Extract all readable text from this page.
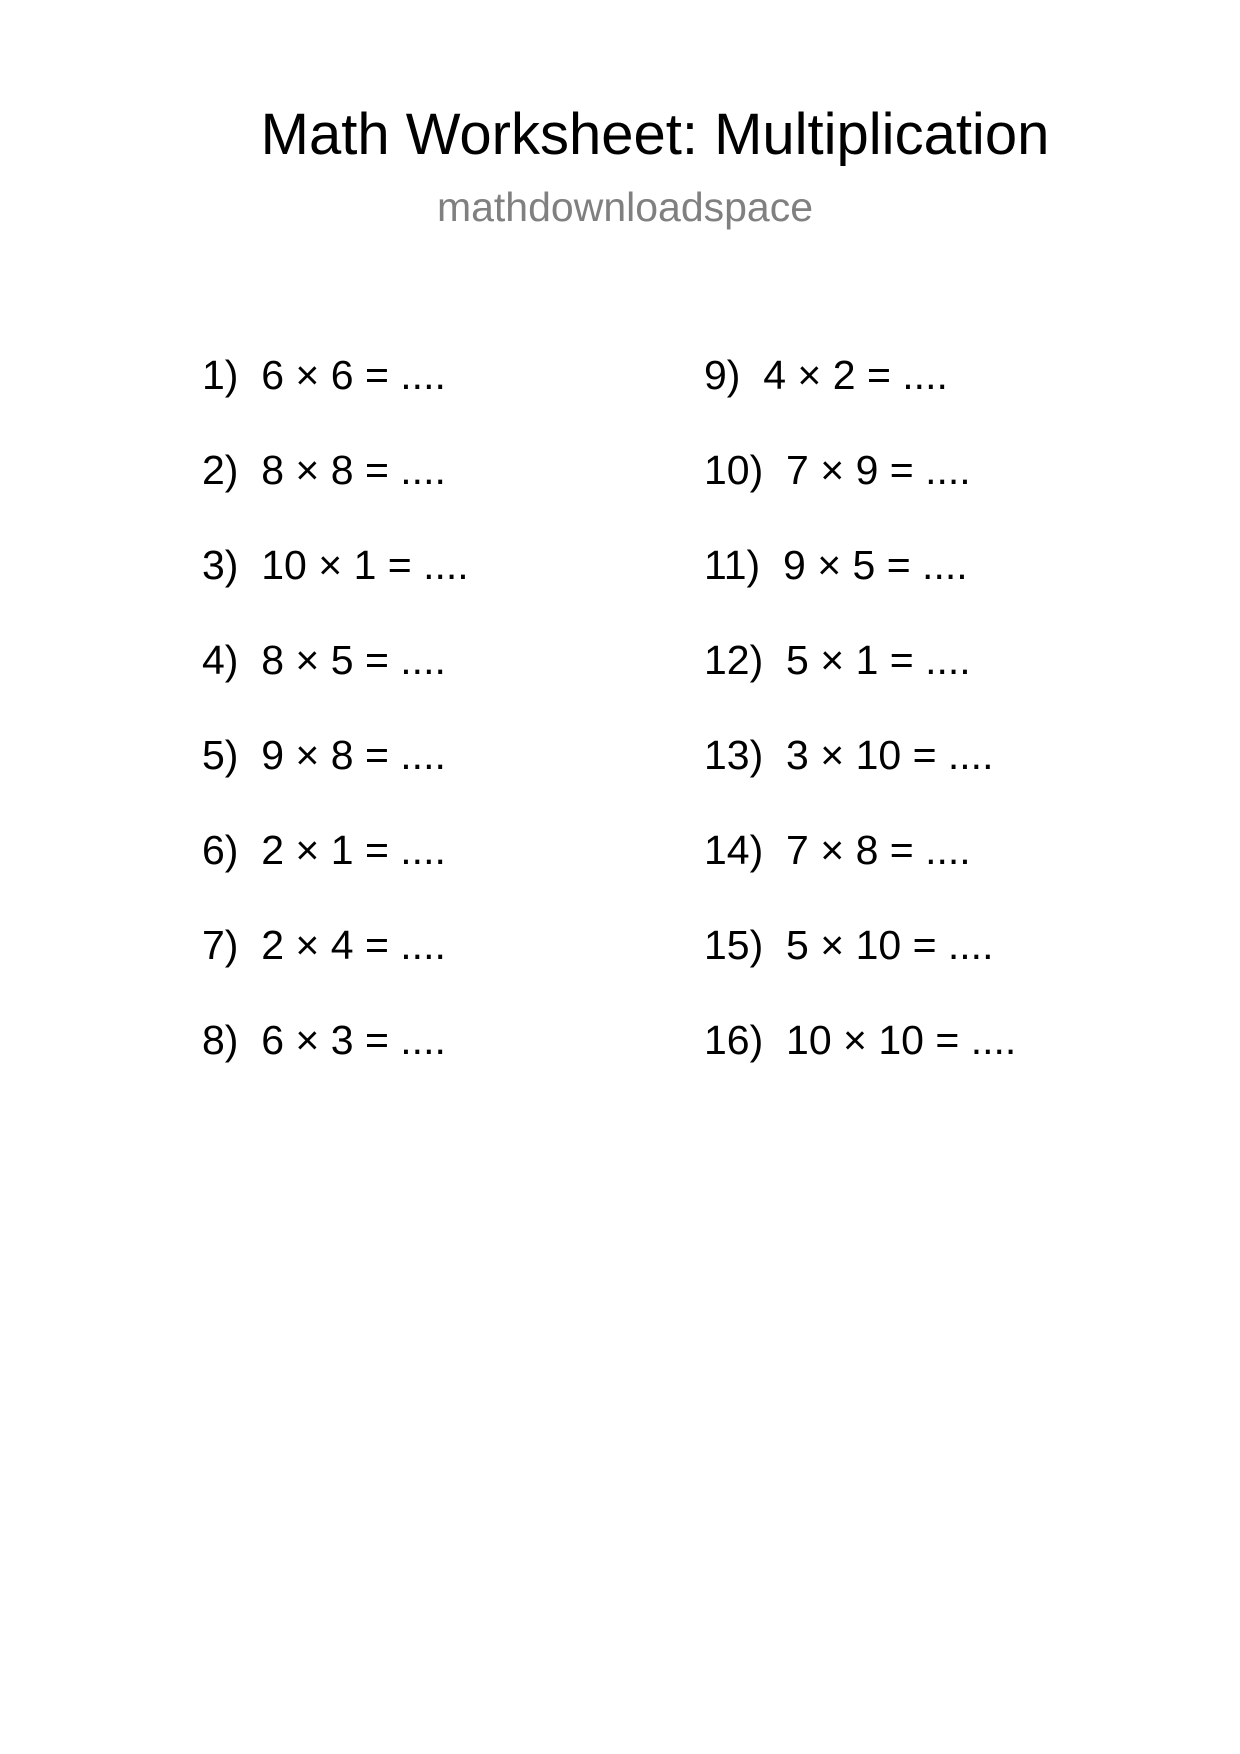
Math Worksheet: Multiplication
mathdownloadspace
1)  6 × 6 = ....
2)  8 × 8 = ....
3)  10 × 1 = ....
4)  8 × 5 = ....
5)  9 × 8 = ....
6)  2 × 1 = ....
7)  2 × 4 = ....
8)  6 × 3 = ....
9)  4 × 2 = ....
10)  7 × 9 = ....
11)  9 × 5 = ....
12)  5 × 1 = ....
13)  3 × 10 = ....
14)  7 × 8 = ....
15)  5 × 10 = ....
16)  10 × 10 = ....
